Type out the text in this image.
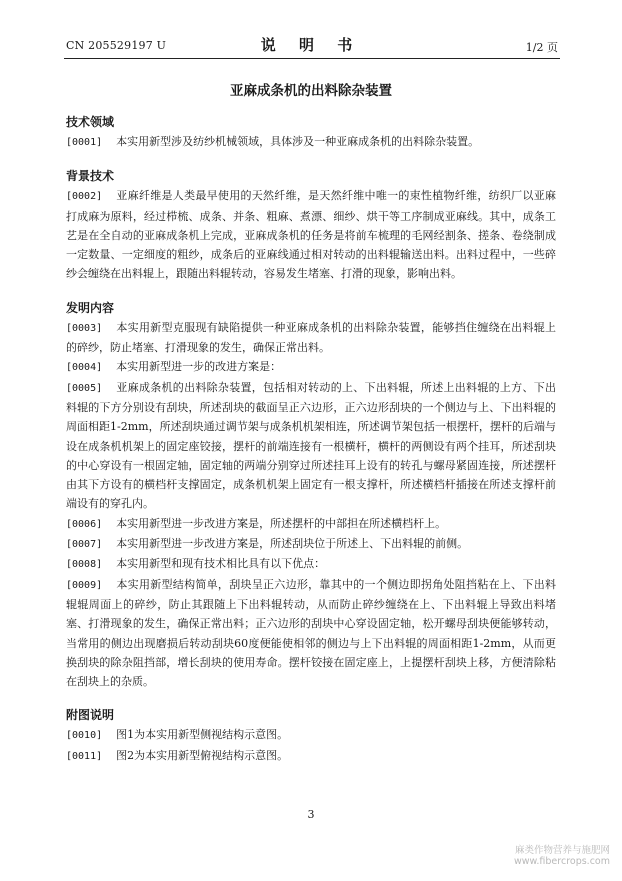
CN 205529197 U	说 明 书	1/2 页
亚麻成条机的出料除杂装置
技术领域
[0001] 本实用新型涉及纺纱机械领域，具体涉及一种亚麻成条机的出料除杂装置。
背景技术
[0002] 亚麻纤维是人类最早使用的天然纤维，是天然纤维中唯一的束性植物纤维，纺织厂以亚麻打成麻为原料，经过栉梳、成条、并条、粗麻、煮漂、细纱、烘干等工序制成亚麻线。其中，成条工艺是在全自动的亚麻成条机上完成，亚麻成条机的任务是将前车梳理的毛网经割条、搓条、卷绕制成一定数量、一定细度的粗纱，成条后的亚麻线通过相对转动的出料辊输送出料。出料过程中，一些碎纱会缠绕在出料辊上，跟随出料辊转动，容易发生堵塞、打滑的现象，影响出料。
发明内容
[0003] 本实用新型克服现有缺陷提供一种亚麻成条机的出料除杂装置，能够挡住缠绕在出料辊上的碎纱，防止堵塞、打滑现象的发生，确保正常出料。
[0004] 本实用新型进一步的改进方案是：
[0005] 亚麻成条机的出料除杂装置，包括相对转动的上、下出料辊，所述上出料辊的上方、下出料辊的下方分别设有刮块，所述刮块的截面呈正六边形，正六边形刮块的一个侧边与上、下出料辊的周面相距1-2mm，所述刮块通过调节架与成条机机架相连，所述调节架包括一根摆杆，摆杆的后端与设在成条机机架上的固定座铰接，摆杆的前端连接有一根横杆，横杆的两侧设有两个挂耳，所述刮块的中心穿设有一根固定轴，固定轴的两端分别穿过所述挂耳上设有的转孔与螺母紧固连接，所述摆杆由其下方设有的横档杆支撑固定，成条机机架上固定有一根支撑杆，所述横档杆插接在所述支撑杆前端设有的穿孔内。
[0006] 本实用新型进一步改进方案是，所述摆杆的中部担在所述横档杆上。
[0007] 本实用新型进一步改进方案是，所述刮块位于所述上、下出料辊的前侧。
[0008] 本实用新型和现有技术相比具有以下优点：
[0009] 本实用新型结构简单，刮块呈正六边形，靠其中的一个侧边即拐角处阻挡粘在上、下出料辊辊周面上的碎纱，防止其跟随上下出料辊转动，从而防止碎纱缠绕在上、下出料辊上导致出料堵塞、打滑现象的发生，确保正常出料；正六边形的刮块中心穿设固定轴，松开螺母刮块便能够转动，当常用的侧边出现磨损后转动刮块60度便能使相邻的侧边与上下出料辊的周面相距1-2mm，从而更换刮块的除杂阻挡部，增长刮块的使用寿命。摆杆铰接在固定座上，上提摆杆刮块上移，方便清除粘在刮块上的杂质。
附图说明
[0010] 图1为本实用新型侧视结构示意图。
[0011] 图2为本实用新型俯视结构示意图。
3
麻类作物营养与施肥网
www.fibercrops.com
